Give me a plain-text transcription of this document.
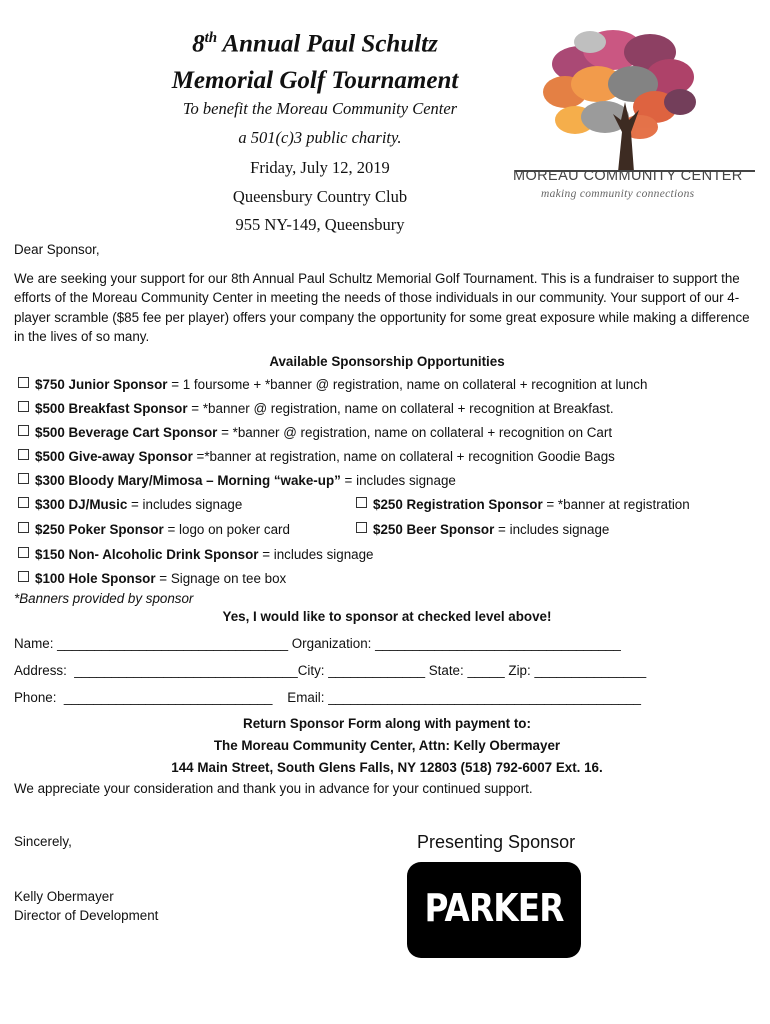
8th Annual Paul Schultz
Memorial Golf Tournament
To benefit the Moreau Community Center
a 501(c)3 public charity.
Friday, July 12, 2019
Queensbury Country Club
955 NY-149, Queensbury
MOREAU COMMUNITY CENTER
making community connections
Dear Sponsor,
We are seeking your support for our 8th Annual Paul Schultz Memorial Golf Tournament. This is a fundraiser to support the efforts of the Moreau Community Center in meeting the needs of those individuals in our community. Your support of our 4-player scramble ($85 fee per player) offers your company the opportunity for some great exposure while making a difference in the lives of so many.
Available Sponsorship Opportunities
$750 Junior Sponsor = 1 foursome + *banner @ registration, name on collateral + recognition at lunch
$500 Breakfast Sponsor = *banner @ registration, name on collateral + recognition at Breakfast.
$500 Beverage Cart Sponsor = *banner @ registration, name on collateral + recognition on Cart
$500 Give-away Sponsor =*banner at registration, name on collateral + recognition Goodie Bags
$300 Bloody Mary/Mimosa – Morning “wake-up” = includes signage
$300 DJ/Music = includes signage	$250 Registration Sponsor = *banner at registration
$250 Poker Sponsor = logo on poker card	$250 Beer Sponsor = includes signage
$150 Non- Alcoholic Drink Sponsor = includes signage
$100 Hole Sponsor = Signage on tee box
*Banners provided by sponsor
Yes, I would like to sponsor at checked level above!
Name: _______________________________ Organization: _________________________________
Address:  ______________________________City: _____________ State: _____ Zip: _______________
Phone:  ____________________________    Email: __________________________________________
Return Sponsor Form along with payment to:
The Moreau Community Center, Attn: Kelly Obermayer
144 Main Street, South Glens Falls, NY 12803 (518) 792-6007 Ext. 16.
We appreciate your consideration and thank you in advance for your continued support.
Sincerely,
Kelly Obermayer
Director of Development
Presenting Sponsor
PARKER
